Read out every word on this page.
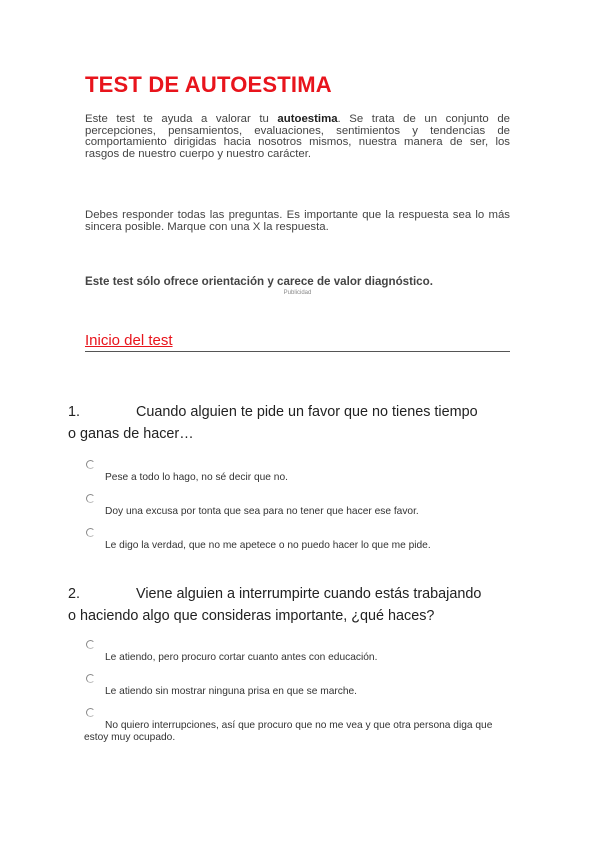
TEST DE AUTOESTIMA

Este test te ayuda a valorar tu autoestima. Se trata de un conjunto de percepciones, pensamientos, evaluaciones, sentimientos y tendencias de comportamiento dirigidas hacia nosotros mismos, nuestra manera de ser, los rasgos de nuestro cuerpo y nuestro carácter.

Debes responder todas las preguntas. Es importante que la respuesta sea lo más sincera posible. Marque con una X la respuesta.

Este test sólo ofrece orientación y carece de valor diagnóstico.

Publicidad
Inicio del test

1.	Cuando alguien te pide un favor que no tienes tiempo
o ganas de hacer…

Pese a todo lo hago, no sé decir que no.

Doy una excusa por tonta que sea para no tener que hacer ese favor.

Le digo la verdad, que no me apetece o no puedo hacer lo que me pide.

2.	Viene alguien a interrumpirte cuando estás trabajando
o haciendo algo que consideras importante, ¿qué haces?

Le atiendo, pero procuro cortar cuanto antes con educación.

Le atiendo sin mostrar ninguna prisa en que se marche.

No quiero interrupciones, así que procuro que no me vea y que otra persona diga que estoy muy ocupado.
